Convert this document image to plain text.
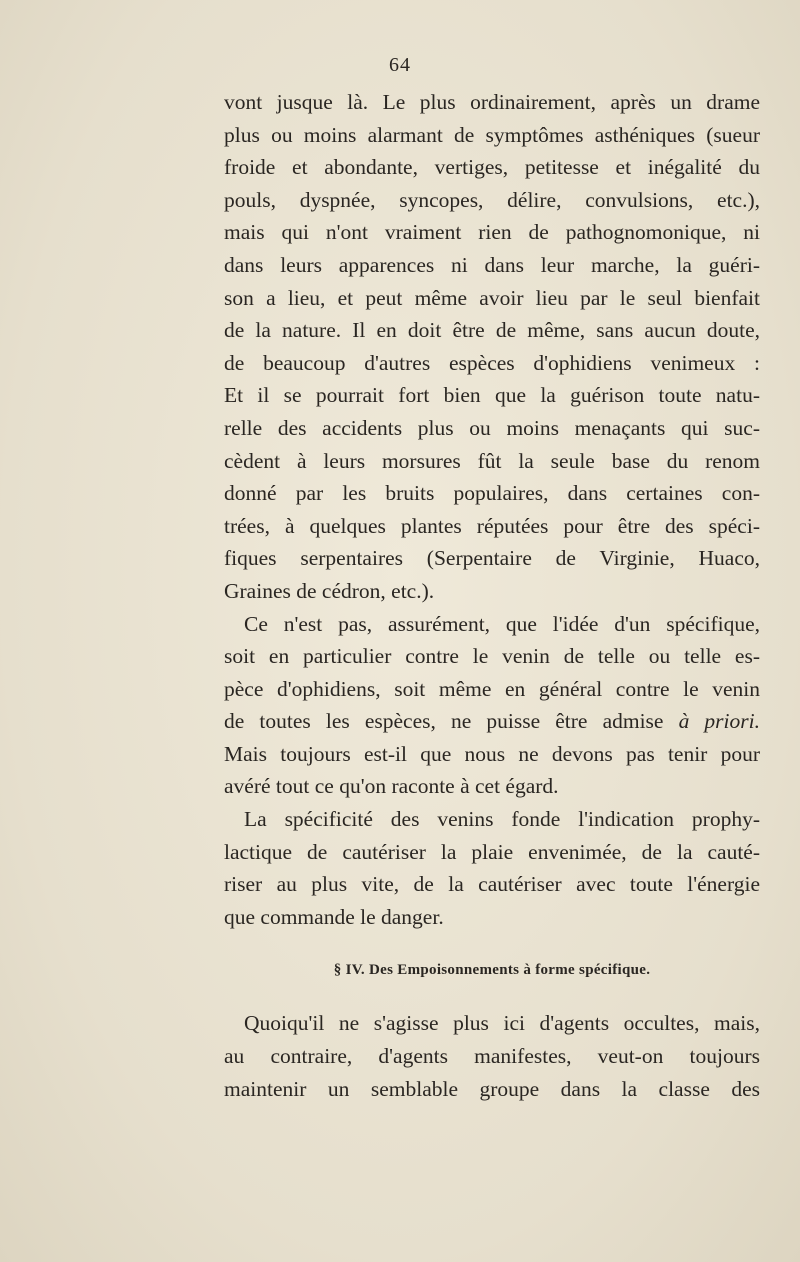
64
vont jusque là. Le plus ordinairement, après un drame
plus ou moins alarmant de symptômes asthéniques (sueur
froide et abondante, vertiges, petitesse et inégalité du
pouls, dyspnée, syncopes, délire, convulsions, etc.),
mais qui n'ont vraiment rien de pathognomonique, ni
dans leurs apparences ni dans leur marche, la guéri-
son a lieu, et peut même avoir lieu par le seul bienfait
de la nature. Il en doit être de même, sans aucun doute,
de beaucoup d'autres espèces d'ophidiens venimeux :
Et il se pourrait fort bien que la guérison toute natu-
relle des accidents plus ou moins menaçants qui suc-
cèdent à leurs morsures fût la seule base du renom
donné par les bruits populaires, dans certaines con-
trées, à quelques plantes réputées pour être des spéci-
fiques serpentaires (Serpentaire de Virginie, Huaco,
Graines de cédron, etc.).
Ce n'est pas, assurément, que l'idée d'un spécifique,
soit en particulier contre le venin de telle ou telle es-
pèce d'ophidiens, soit même en général contre le venin
de toutes les espèces, ne puisse être admise à priori.
Mais toujours est-il que nous ne devons pas tenir pour
avéré tout ce qu'on raconte à cet égard.
La spécificité des venins fonde l'indication prophy-
lactique de cautériser la plaie envenimée, de la cauté-
riser au plus vite, de la cautériser avec toute l'énergie
que commande le danger.
§ IV. Des Empoisonnements à forme spécifique.
Quoiqu'il ne s'agisse plus ici d'agents occultes, mais,
au contraire, d'agents manifestes, veut-on toujours
maintenir un semblable groupe dans la classe des
